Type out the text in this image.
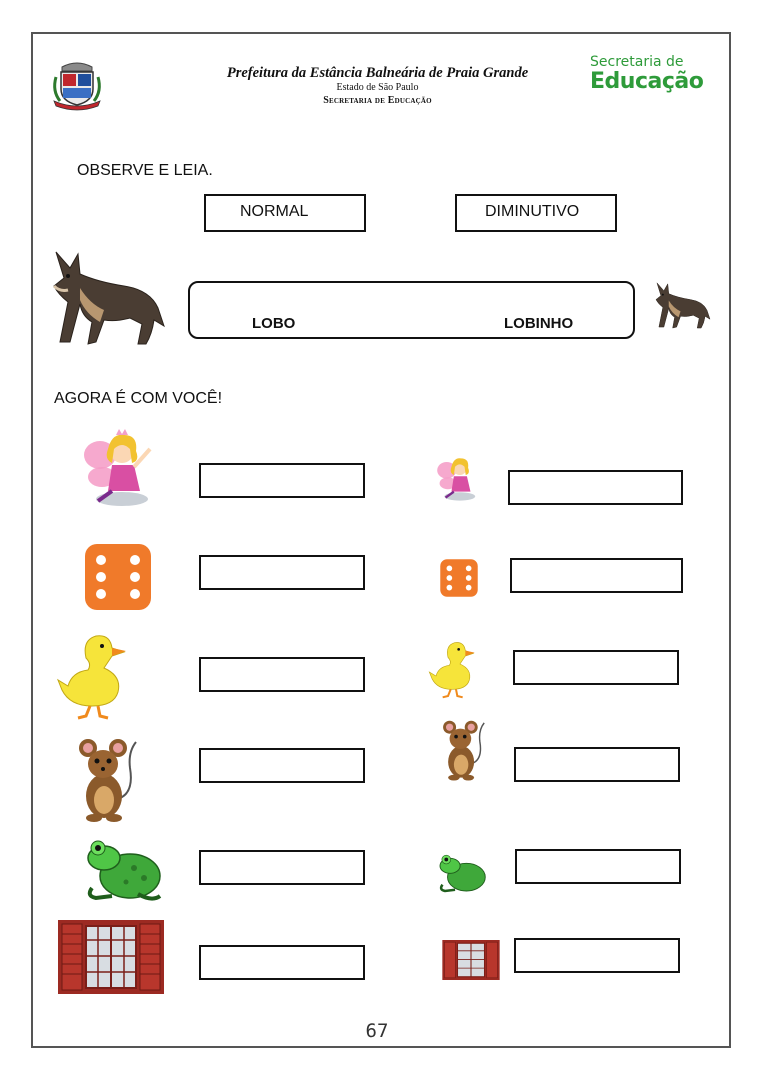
Prefeitura da Estância Balneária de Praia Grande
Estado de São Paulo
Secretaria de Educação
Secretaria de
Educação
OBSERVE E LEIA.
NORMAL	DIMINUTIVO
LOBO	LOBINHO
AGORA É COM VOCÊ!
67
